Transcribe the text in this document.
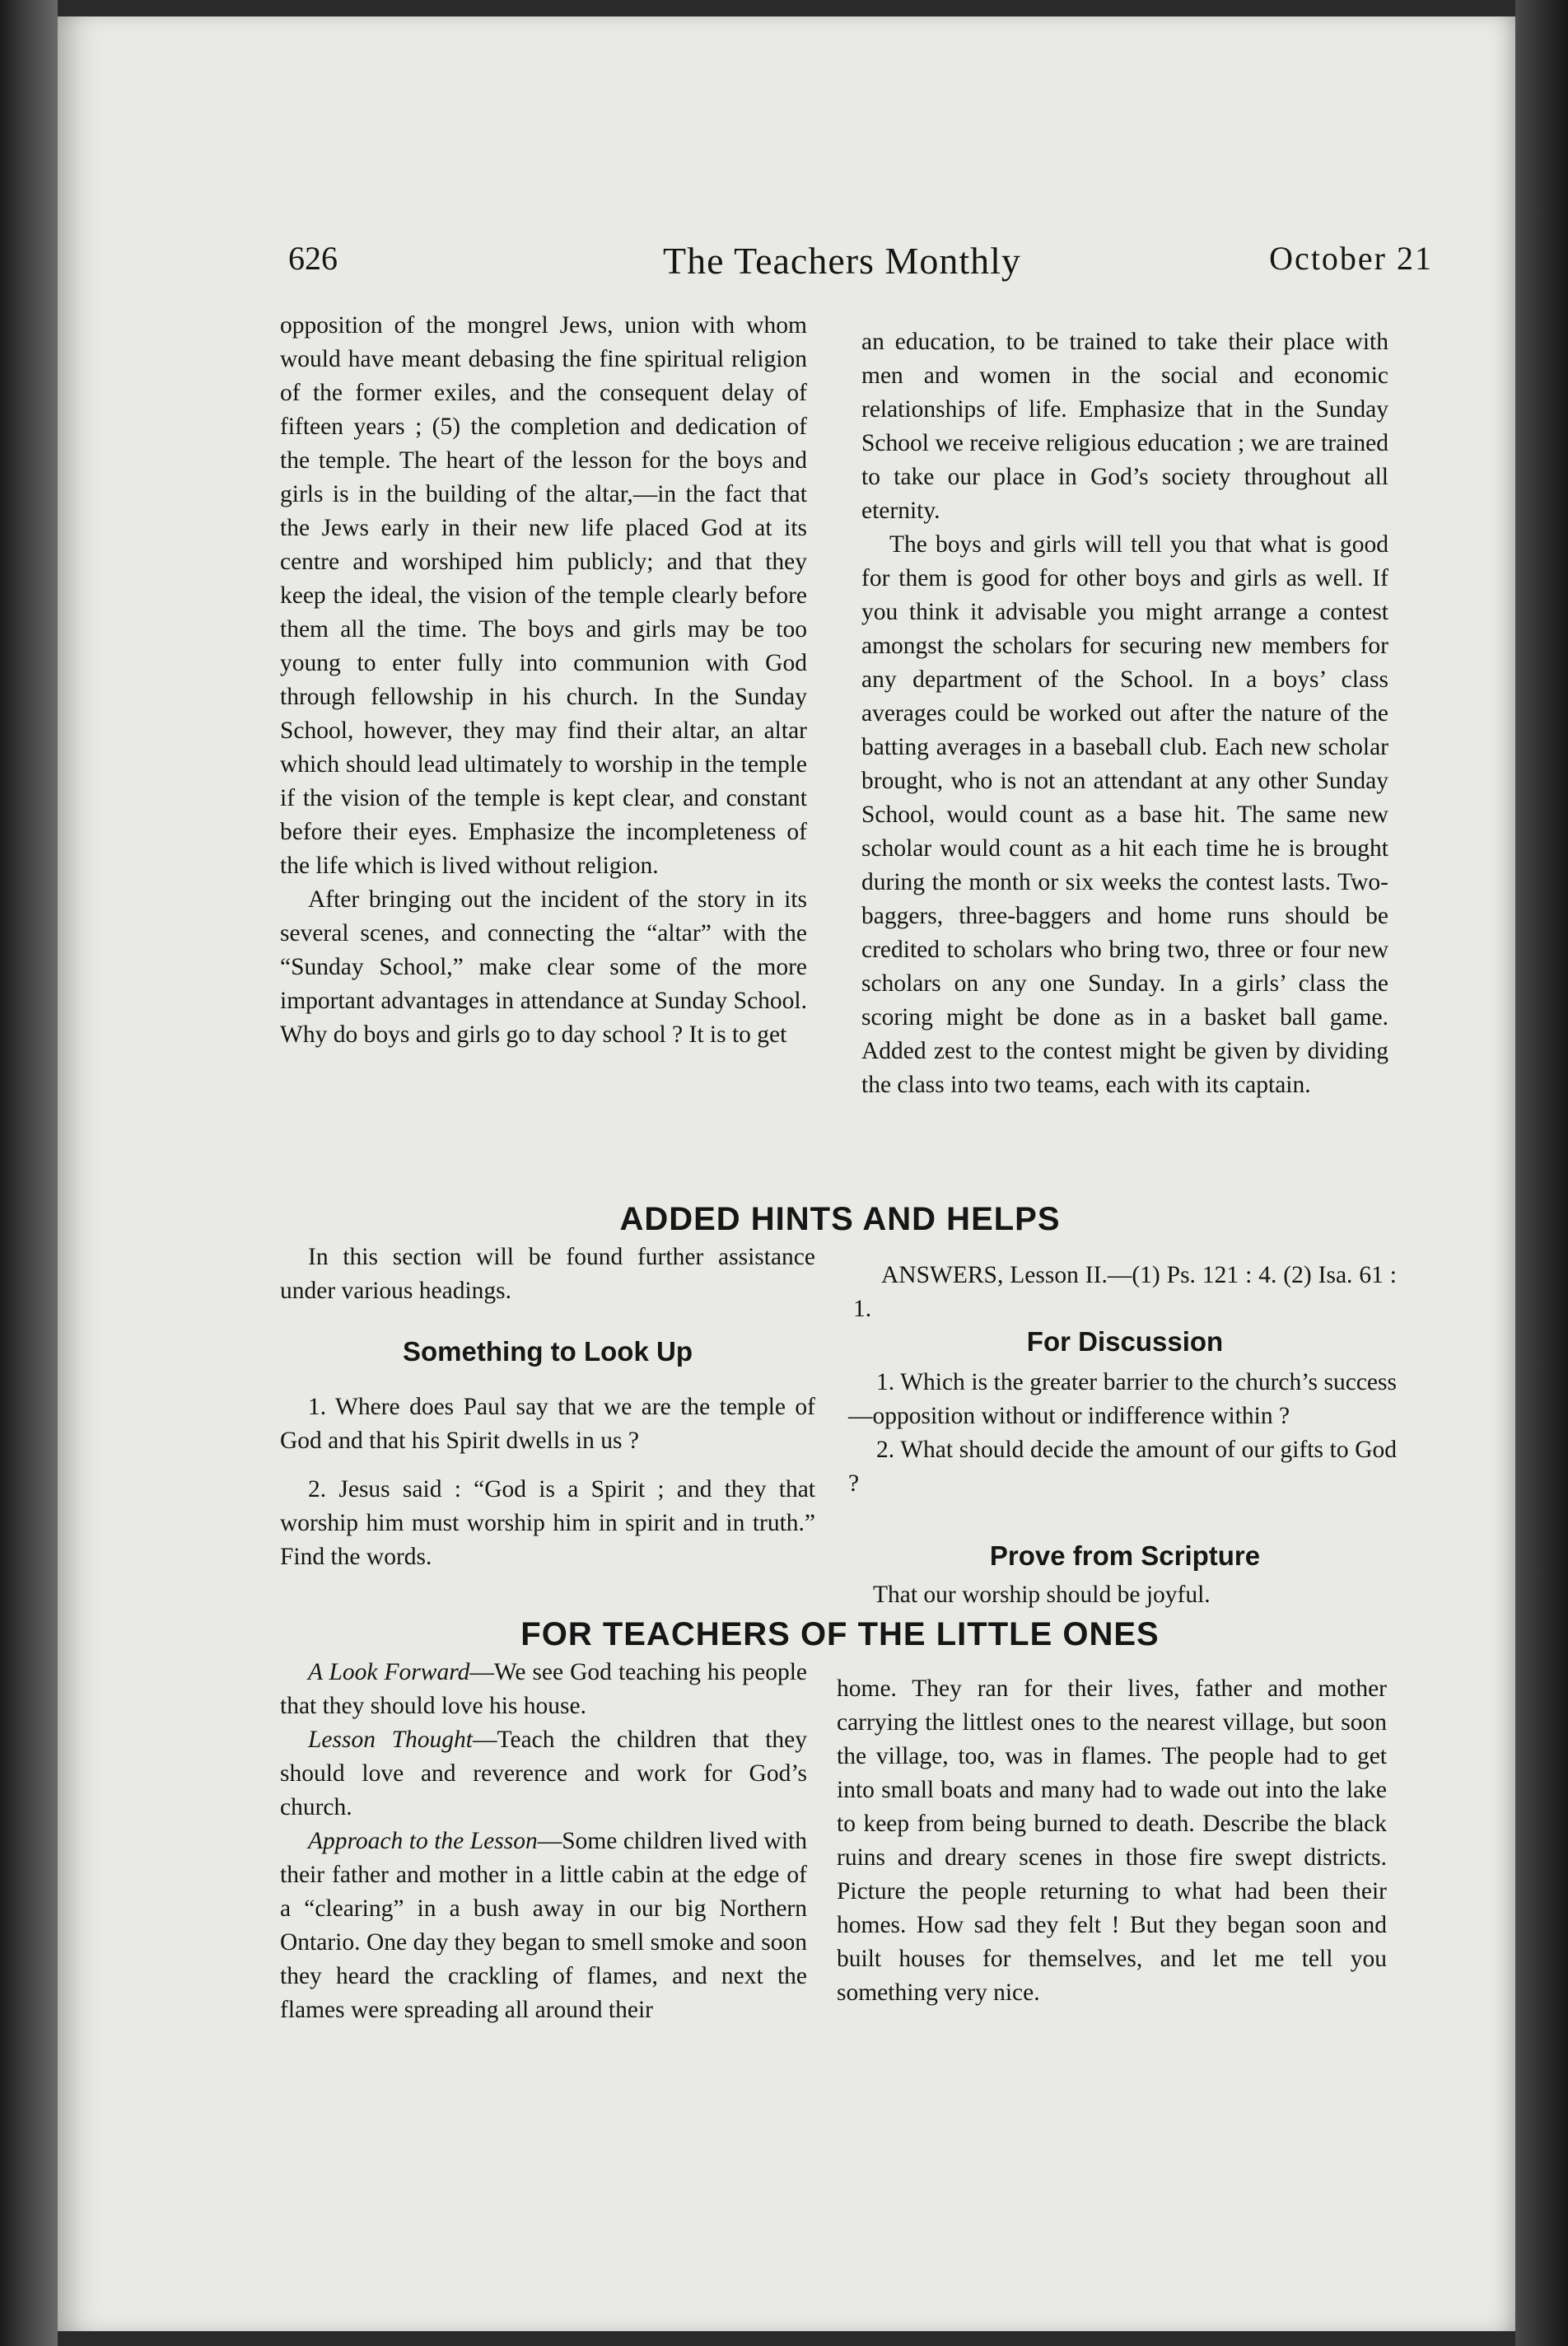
626	The Teachers Monthly	October 21

opposition of the mongrel Jews, union with whom would have meant debasing the fine spiritual religion of the former exiles, and the consequent delay of fifteen years ; (5) the completion and dedication of the temple. The heart of the lesson for the boys and girls is in the building of the altar,—in the fact that the Jews early in their new life placed God at its centre and worshiped him publicly; and that they keep the ideal, the vision of the temple clearly before them all the time. The boys and girls may be too young to enter fully into communion with God through fellowship in his church. In the Sunday School, however, they may find their altar, an altar which should lead ultimately to worship in the temple if the vision of the temple is kept clear, and constant before their eyes. Emphasize the incompleteness of the life which is lived without religion.

After bringing out the incident of the story in its several scenes, and connecting the “altar” with the “Sunday School,” make clear some of the more important advantages in attendance at Sunday School. Why do boys and girls go to day school ? It is to get

an education, to be trained to take their place with men and women in the social and economic relationships of life. Emphasize that in the Sunday School we receive religious education ; we are trained to take our place in God’s society throughout all eternity.

The boys and girls will tell you that what is good for them is good for other boys and girls as well. If you think it advisable you might arrange a contest amongst the scholars for securing new members for any department of the School. In a boys’ class averages could be worked out after the nature of the batting averages in a baseball club. Each new scholar brought, who is not an attendant at any other Sunday School, would count as a base hit. The same new scholar would count as a hit each time he is brought during the month or six weeks the contest lasts. Two-baggers, three-baggers and home runs should be credited to scholars who bring two, three or four new scholars on any one Sunday. In a girls’ class the scoring might be done as in a basket ball game. Added zest to the contest might be given by dividing the class into two teams, each with its captain.

ADDED HINTS AND HELPS

In this section will be found further assistance under various headings.

ANSWERS, Lesson II.—(1) Ps. 121 : 4. (2) Isa. 61 : 1.

Something to Look Up

1. Where does Paul say that we are the temple of God and that his Spirit dwells in us ?

2. Jesus said : “God is a Spirit ; and they that worship him must worship him in spirit and in truth.” Find the words.

For Discussion

1. Which is the greater barrier to the church’s success—opposition without or indifference within ?

2. What should decide the amount of our gifts to God ?

Prove from Scripture

That our worship should be joyful.

FOR TEACHERS OF THE LITTLE ONES

A Look Forward—We see God teaching his people that they should love his house.

Lesson Thought—Teach the children that they should love and reverence and work for God’s church.

Approach to the Lesson—Some children lived with their father and mother in a little cabin at the edge of a “clearing” in a bush away in our big Northern Ontario. One day they began to smell smoke and soon they heard the crackling of flames, and next the flames were spreading all around their

home. They ran for their lives, father and mother carrying the littlest ones to the nearest village, but soon the village, too, was in flames. The people had to get into small boats and many had to wade out into the lake to keep from being burned to death. Describe the black ruins and dreary scenes in those fire swept districts. Picture the people returning to what had been their homes. How sad they felt ! But they began soon and built houses for themselves, and let me tell you something very nice.
